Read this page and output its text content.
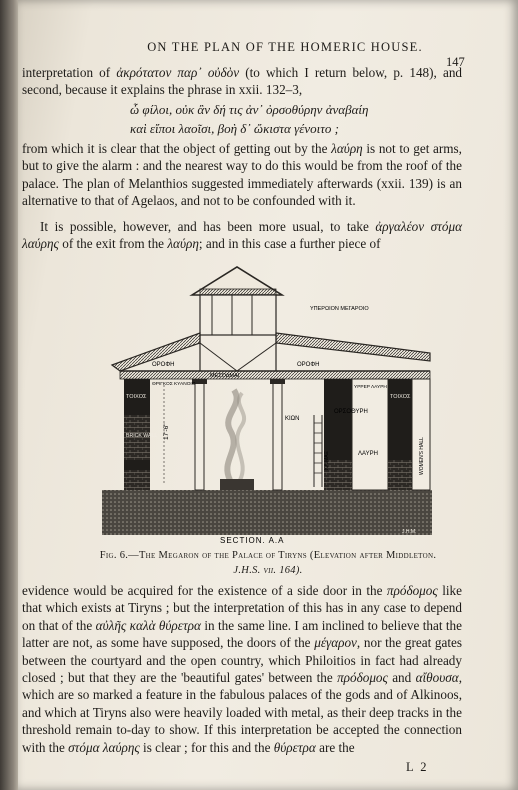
ON THE PLAN OF THE HOMERIC HOUSE.
147

interpretation of ἀκρότατον παρ᾽ οὐδὸν (to which I return below, p. 148), and second, because it explains the phrase in xxii. 132–3,

ὦ φίλοι, οὐκ ἂν δή τις ἀν᾽ ὀρσοθύρην ἀναβαίη
καὶ εἴποι λαοῖσι, βοὴ δ᾽ ὤκιστα γένοιτο ;

from which it is clear that the object of getting out by the λαύρη is not to get arms, but to give the alarm : and the nearest way to do this would be from the roof of the palace. The plan of Melanthios suggested immediately afterwards (xxii. 139) is an alternative to that of Agelaos, and not to be confounded with it.

It is possible, however, and has been more usual, to take ἀργαλέον στόμα λαύρης of the exit from the λαύρη; and in this case a further piece of

ΥΠΕΡΩΙΟΝ ΜΕΓΑΡΟΙΟ
ΟΡΟΦΗ	ΟΡΟΦΗ
ΜΕΣΟΔΜΑΙ
ΤΟΙΧΟΣ	ΤΟΙΧΟΣ
ΘΡΙΓΚΟΣ ΚΥΑΝΟΙΟ
BRICK WALL 17'-6"
ΚΙΩΝ
ΟΡΣΟΘΥΡΗ
ΥΡΡΕΡ ΛΑΥΡΗ
ΛΑΥΡΗ
ΚΛΙΜΑΞ	WOMEN'S HALL
SECTION. A.A
J.H.M.
Fig. 6.—The Megaron of the Palace of Tiryns (Elevation after Middleton.
J.H.S. vii. 164).

evidence would be acquired for the existence of a side door in the πρόδομος like that which exists at Tiryns ; but the interpretation of this has in any case to depend on that of the αὐλῆς καλὰ θύρετρα in the same line. I am inclined to believe that the latter are not, as some have supposed, the doors of the μέγαρον, nor the great gates between the courtyard and the open country, which Philoitios in fact had already closed ; but that they are the 'beautiful gates' between the πρόδομος and αἴθουσα, which are so marked a feature in the fabulous palaces of the gods and of Alkinoos, and which at Tiryns also were heavily loaded with metal, as their deep tracks in the threshold remain to-day to show. If this interpretation be accepted the connection with the στόμα λαύρης is clear ; for this and the θύρετρα are the

L 2
